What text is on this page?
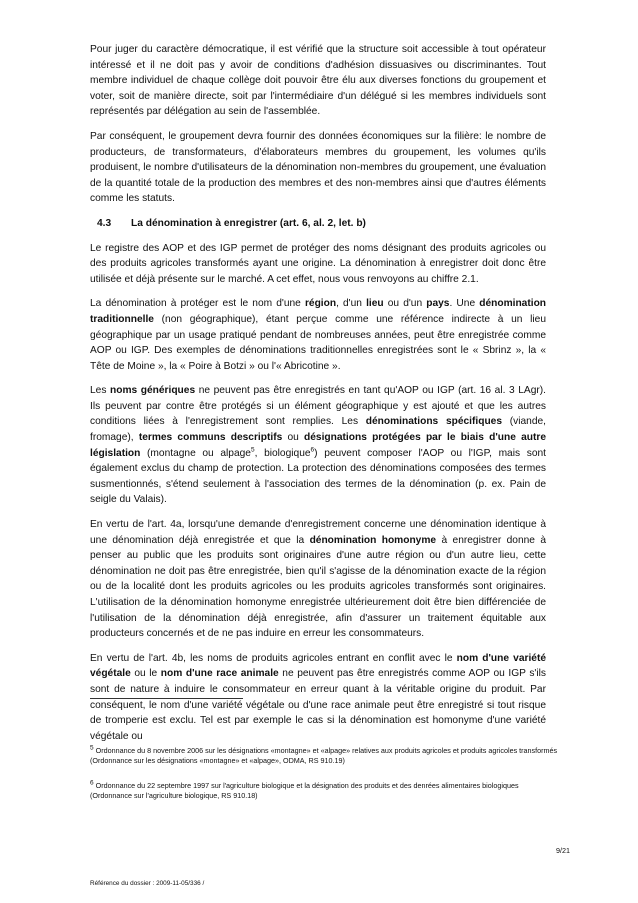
Pour juger du caractère démocratique, il est vérifié que la structure soit accessible à tout opérateur intéressé et il ne doit pas y avoir de conditions d'adhésion dissuasives ou discriminantes. Tout membre individuel de chaque collège doit pouvoir être élu aux diverses fonctions du groupement et voter, soit de manière directe, soit par l'intermédiaire d'un délégué si les membres individuels sont représentés par délégation au sein de l'assemblée.

Par conséquent, le groupement devra fournir des données économiques sur la filière: le nombre de producteurs, de transformateurs, d'élaborateurs membres du groupement, les volumes qu'ils produisent, le nombre d'utilisateurs de la dénomination non-membres du groupement, une évaluation de la quantité totale de la production des membres et des non-membres ainsi que d'autres éléments comme les statuts.

4.3 La dénomination à enregistrer (art. 6, al. 2, let. b)

Le registre des AOP et des IGP permet de protéger des noms désignant des produits agricoles ou des produits agricoles transformés ayant une origine. La dénomination à enregistrer doit donc être utilisée et déjà présente sur le marché. A cet effet, nous vous renvoyons au chiffre 2.1.

La dénomination à protéger est le nom d'une région, d'un lieu ou d'un pays. Une dénomination traditionnelle (non géographique), étant perçue comme une référence indirecte à un lieu géographique par un usage pratiqué pendant de nombreuses années, peut être enregistrée comme AOP ou IGP. Des exemples de dénominations traditionnelles enregistrées sont le « Sbrinz », la « Tête de Moine », la « Poire à Botzi » ou l'« Abricotine ».

Les noms génériques ne peuvent pas être enregistrés en tant qu'AOP ou IGP (art. 16 al. 3 LAgr). Ils peuvent par contre être protégés si un élément géographique y est ajouté et que les autres conditions liées à l'enregistrement sont remplies. Les dénominations spécifiques (viande, fromage), termes communs descriptifs ou désignations protégées par le biais d'une autre législation (montagne ou alpage$^5$, biologique$^6$) peuvent composer l'AOP ou l'IGP, mais sont également exclus du champ de protection. La protection des dénominations composées des termes susmentionnés, s'étend seulement à l'association des termes de la dénomination (p. ex. Pain de seigle du Valais).

En vertu de l'art. 4a, lorsqu'une demande d'enregistrement concerne une dénomination identique à une dénomination déjà enregistrée et que la dénomination homonyme à enregistrer donne à penser au public que les produits sont originaires d'une autre région ou d'un autre lieu, cette dénomination ne doit pas être enregistrée, bien qu'il s'agisse de la dénomination exacte de la région ou de la localité dont les produits agricoles ou les produits agricoles transformés sont originaires. L'utilisation de la dénomination homonyme enregistrée ultérieurement doit être bien différenciée de l'utilisation de la dénomination déjà enregistrée, afin d'assurer un traitement équitable aux producteurs concernés et de ne pas induire en erreur les consommateurs.

En vertu de l'art. 4b, les noms de produits agricoles entrant en conflit avec le nom d'une variété végétale ou le nom d'une race animale ne peuvent pas être enregistrés comme AOP ou IGP s'ils sont de nature à induire le consommateur en erreur quant à la véritable origine du produit. Par conséquent, le nom d'une variété végétale ou d'une race animale peut être enregistré si tout risque de tromperie est exclu. Tel est par exemple le cas si la dénomination est homonyme d'une variété végétale ou

$^5$ Ordonnance du 8 novembre 2006 sur les désignations «montagne» et «alpage» relatives aux produits agricoles et produits agricoles transformés (Ordonnance sur les désignations «montagne» et «alpage», ODMA, RS 910.19)
$^6$ Ordonnance du 22 septembre 1997 sur l'agriculture biologique et la désignation des produits et des denrées alimentaires biologiques (Ordonnance sur l'agriculture biologique, RS 910.18)
9/21
Référence du dossier : 2009-11-05/336 /
